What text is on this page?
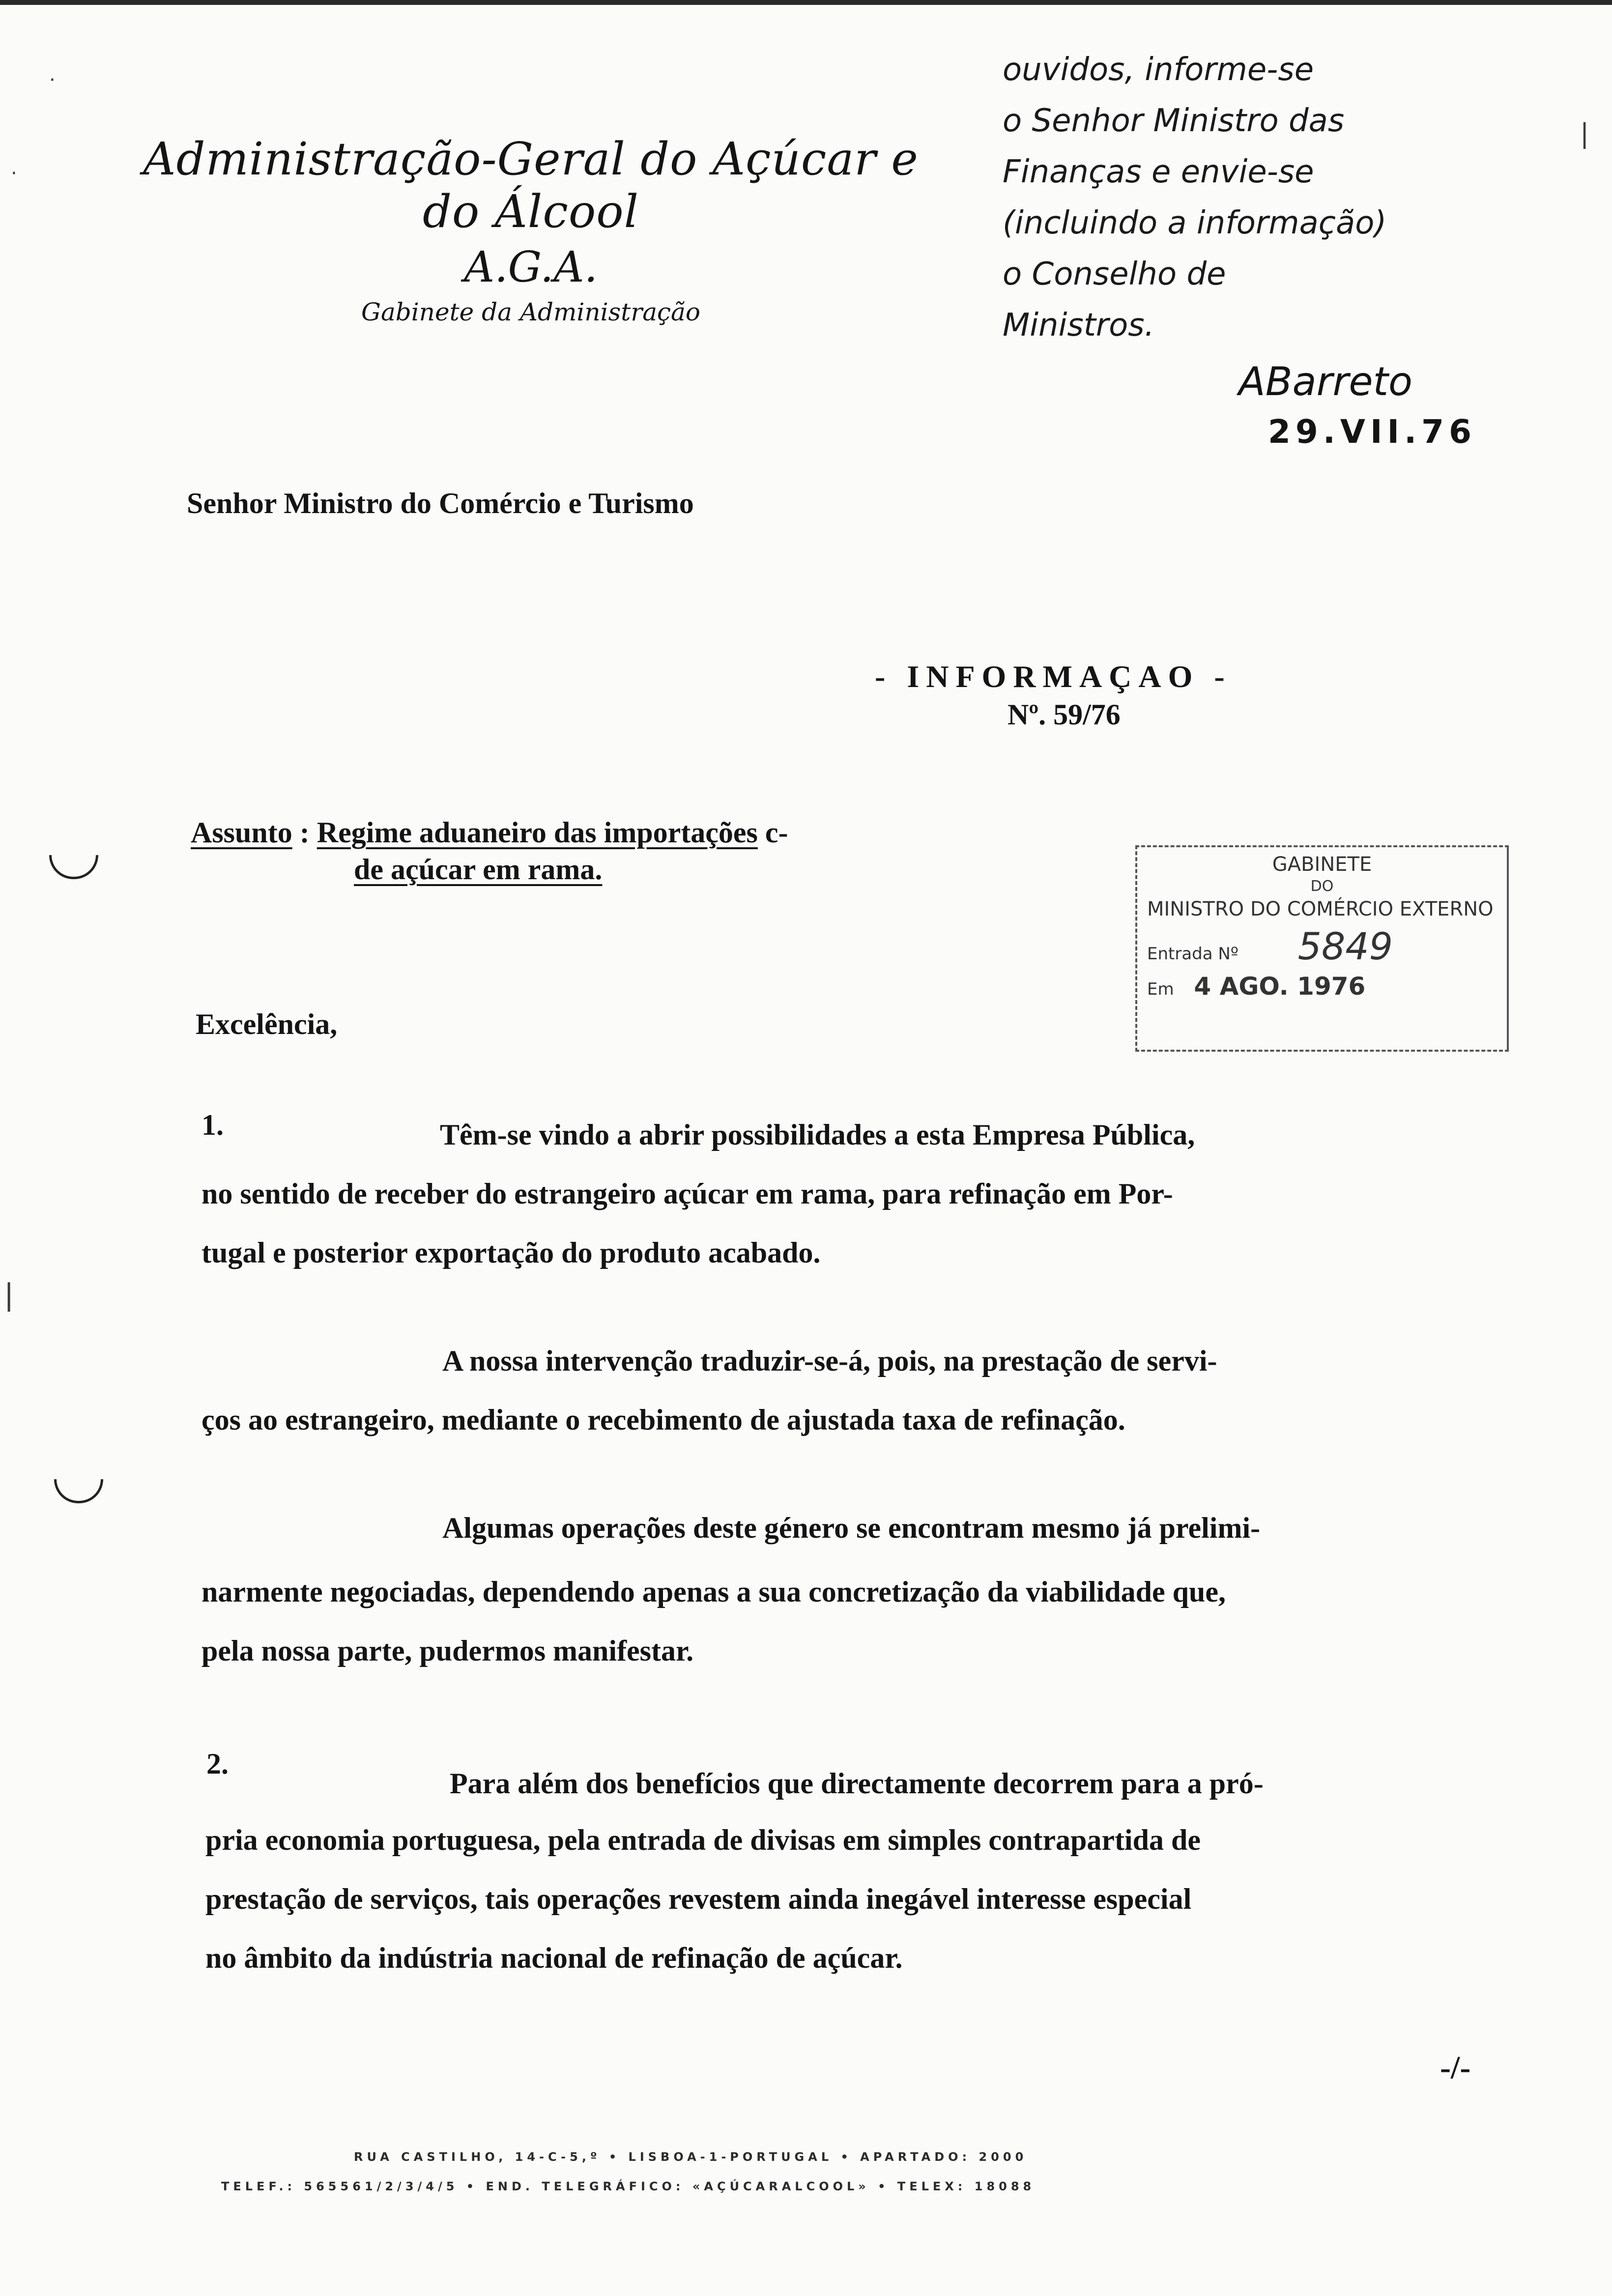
·
·
|
|
Administração-Geral do Açúcar e do Álcool
A.G.A.
Gabinete da Administração
ouvidos, informe-se
o Senhor Ministro das
Finanças e envie-se
(incluindo a informação)
o Conselho de
Ministros.
ABarreto
29.VII.76
Senhor Ministro do Comércio e Turismo
- INFORMAÇAO -
Nº. 59/76
Assunto : Regime aduaneiro das importações c-
de açúcar em rama.	GABINETE
DO
MINISTRO DO COMÉRCIO EXTERNO
Entrada Nº 5849
Em 4 AGO. 1976
Excelência,
1.	Têm-se vindo a abrir possibilidades a esta Empresa Pública,
no sentido de receber do estrangeiro açúcar em rama, para refinação em Por-
tugal e posterior exportação do produto acabado.
A nossa intervenção traduzir-se-á, pois, na prestação de servi-
ços ao estrangeiro, mediante o recebimento de ajustada taxa de refinação.
Algumas operações deste género se encontram mesmo já prelimi-
narmente negociadas, dependendo apenas a sua concretização da viabilidade que,
pela nossa parte, pudermos manifestar.
2.
Para além dos benefícios que directamente decorrem para a pró-
pria economia portuguesa, pela entrada de divisas em simples contrapartida de
prestação de serviços, tais operações revestem ainda inegável interesse especial
no âmbito da indústria nacional de refinação de açúcar.
-/-
RUA CASTILHO, 14-C-5,º • LISBOA-1-PORTUGAL • APARTADO: 2000
TELEF.: 565561/2/3/4/5 • END. TELEGRÁFICO: «AÇÚCARALCOOL» • TELEX: 18088
